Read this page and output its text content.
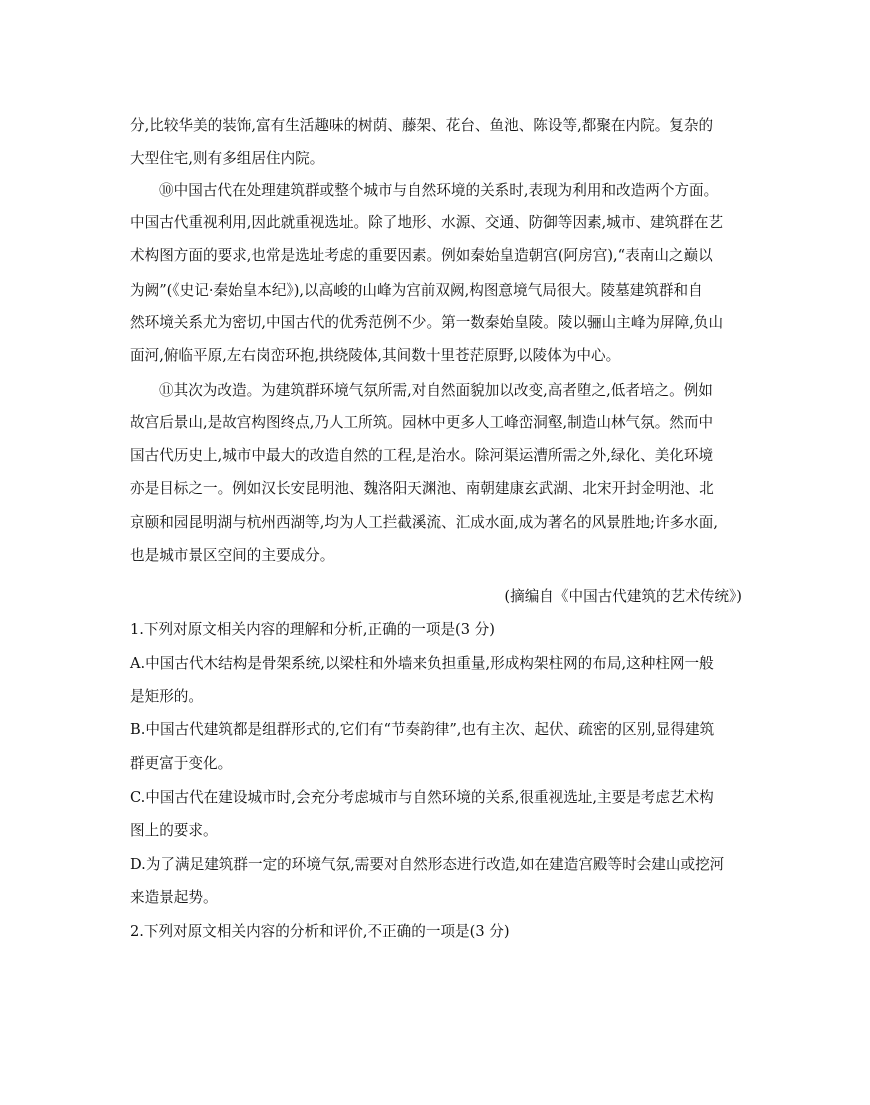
分,比较华美的装饰,富有生活趣味的树荫、藤架、花台、鱼池、陈设等,都聚在内院。复杂的
大型住宅,则有多组居住内院。
⑩中国古代在处理建筑群或整个城市与自然环境的关系时,表现为利用和改造两个方面。
中国古代重视利用,因此就重视选址。除了地形、水源、交通、防御等因素,城市、建筑群在艺
术构图方面的要求,也常是选址考虑的重要因素。例如秦始皇造朝宫(阿房宫),“表南山之巅以
为阙”(《史记·秦始皇本纪》),以高峻的山峰为宫前双阙,构图意境气局很大。陵墓建筑群和自
然环境关系尤为密切,中国古代的优秀范例不少。第一数秦始皇陵。陵以骊山主峰为屏障,负山
面河,俯临平原,左右岗峦环抱,拱绕陵体,其间数十里苍茫原野,以陵体为中心。
⑪其次为改造。为建筑群环境气氛所需,对自然面貌加以改变,高者堕之,低者培之。例如
故宫后景山,是故宫构图终点,乃人工所筑。园林中更多人工峰峦洞壑,制造山林气氛。然而中
国古代历史上,城市中最大的改造自然的工程,是治水。除河渠运漕所需之外,绿化、美化环境
亦是目标之一。例如汉长安昆明池、魏洛阳天渊池、南朝建康玄武湖、北宋开封金明池、北
京颐和园昆明湖与杭州西湖等,均为人工拦截溪流、汇成水面,成为著名的风景胜地;许多水面,
也是城市景区空间的主要成分。
(摘编自《中国古代建筑的艺术传统》)
1.下列对原文相关内容的理解和分析,正确的一项是(3 分)
A.中国古代木结构是骨架系统,以梁柱和外墙来负担重量,形成构架柱网的布局,这种柱网一般
是矩形的。
B.中国古代建筑都是组群形式的,它们有“节奏韵律”,也有主次、起伏、疏密的区别,显得建筑
群更富于变化。
C.中国古代在建设城市时,会充分考虑城市与自然环境的关系,很重视选址,主要是考虑艺术构
图上的要求。
D.为了满足建筑群一定的环境气氛,需要对自然形态进行改造,如在建造宫殿等时会建山或挖河
来造景起势。
2.下列对原文相关内容的分析和评价,不正确的一项是(3 分)
